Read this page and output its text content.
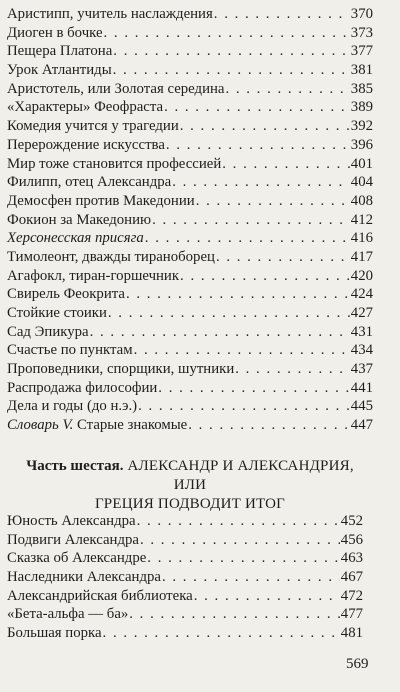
Аристипп, учитель наслаждения . . .	370
Диоген в бочке . . .	373
Пещера Платона . . .	377
Урок Атлантиды . . .	381
Аристотель, или Золотая середина . . .	385
«Характеры» Феофраста . . .	389
Комедия учится у трагедии . . .	392
Перерождение искусства . . .	396
Мир тоже становится профессией . . .	401
Филипп, отец Александра . . .	404
Демосфен против Македонии . . .	408
Фокион за Македонию . . .	412
Херсонесская присяга . . .	416
Тимолеонт, дважды тираноборец . . .	417
Агафокл, тиран-горшечник . . .	420
Свирель Феокрита . . .	424
Стойкие стоики . . .	427
Сад Эпикура . . .	431
Счастье по пунктам . . .	434
Проповедники, спорщики, шутники . . .	437
Распродажа философии . . .	441
Дела и годы (до н.э.) . . .	445
Словарь V. Старые знакомые . . .	447
Часть шестая. АЛЕКСАНДР И АЛЕКСАНДРИЯ,
ИЛИ
ГРЕЦИЯ ПОДВОДИТ ИТОГ
Юность Александра . . .	452
Подвиги Александра . . .	456
Сказка об Александре . . .	463
Наследники Александра . . .	467
Александрийская библиотека . . .	472
«Бета-альфа — ба» . . .	477
Большая порка . . .	481
569
